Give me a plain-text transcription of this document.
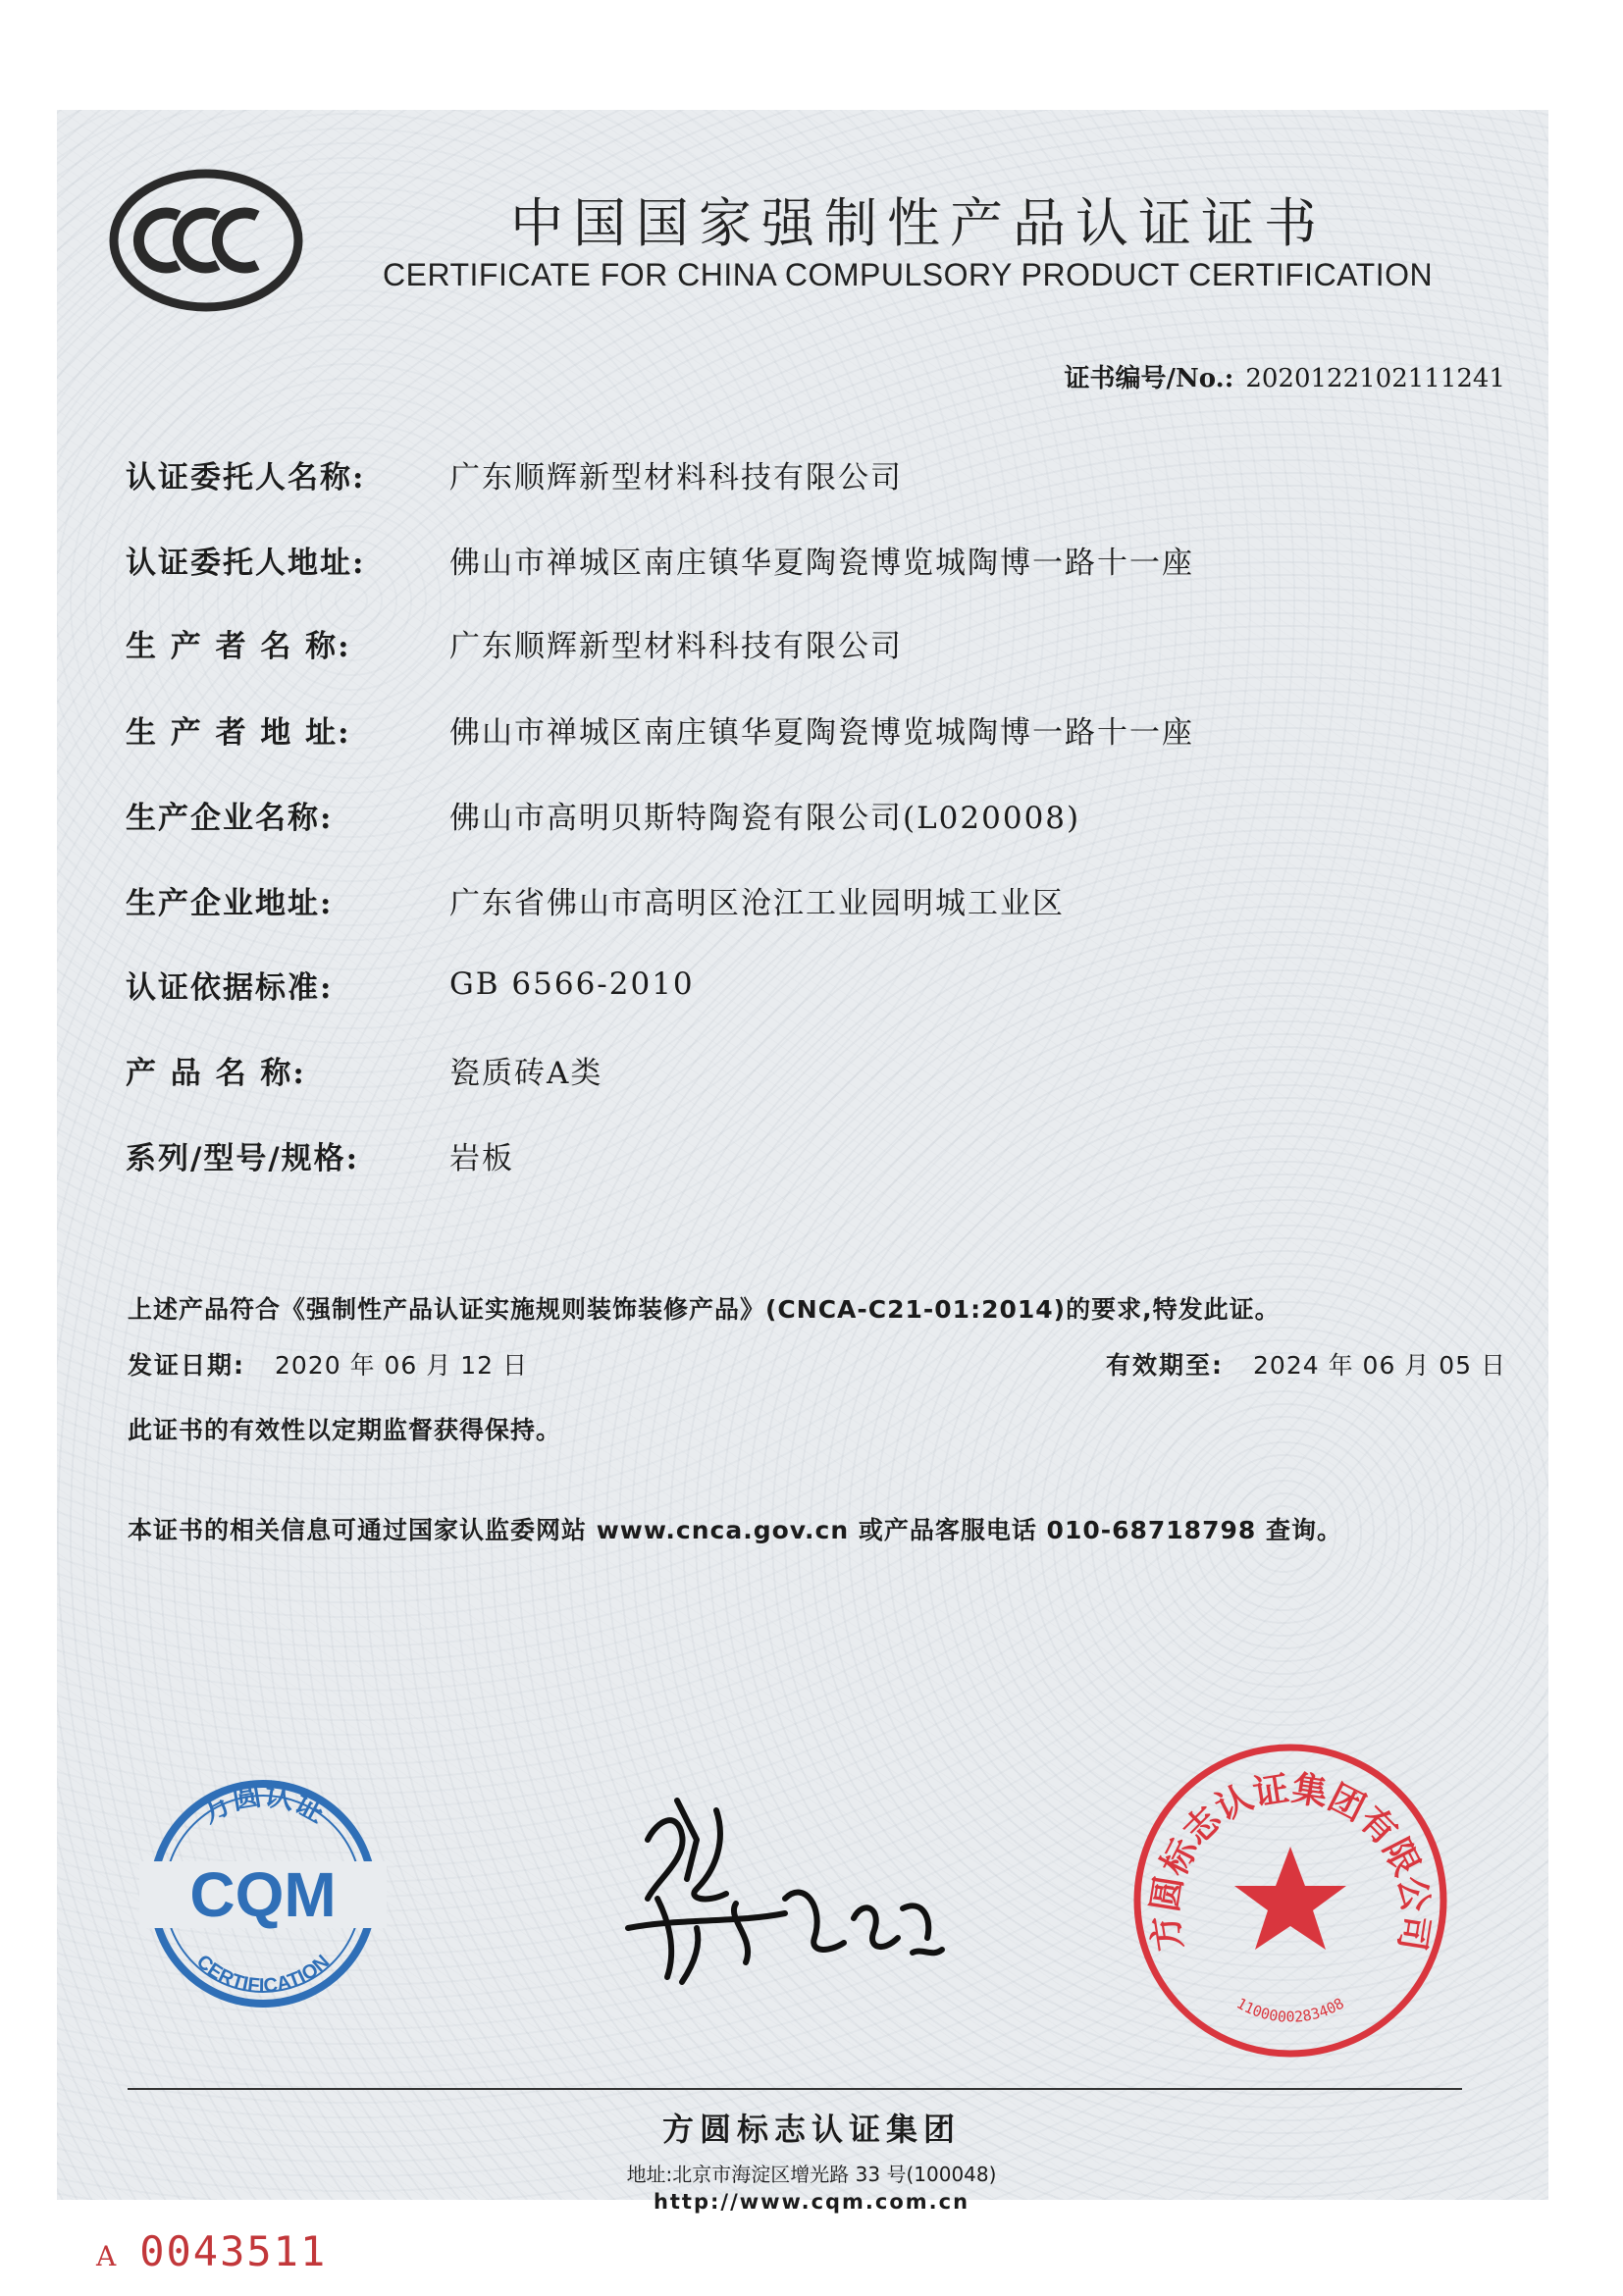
中国国家强制性产品认证证书
CERTIFICATE FOR CHINA COMPULSORY PRODUCT CERTIFICATION
证书编号/No.: 2020122102111241
认证委托人名称:	广东顺辉新型材料科技有限公司
认证委托人地址:	佛山市禅城区南庄镇华夏陶瓷博览城陶博一路十一座
生 产 者 名 称:	广东顺辉新型材料科技有限公司
生 产 者 地 址:	佛山市禅城区南庄镇华夏陶瓷博览城陶博一路十一座
生产企业名称:	佛山市高明贝斯特陶瓷有限公司(L020008)
生产企业地址:	广东省佛山市高明区沧江工业园明城工业区
认证依据标准:	GB 6566-2010
产 品 名 称:	瓷质砖A类
系列/型号/规格:	岩板
上述产品符合《强制性产品认证实施规则装饰装修产品》(CNCA-C21-01:2014)的要求,特发此证。
发证日期: 2020 年 06 月 12 日	有效期至: 2024 年 06 月 05 日
此证书的有效性以定期监督获得保持。
本证书的相关信息可通过国家认监委网站 www.cnca.gov.cn 或产品客服电话 010-68718798 查询。
方圆认证
CQM
CERTIFICATION
方圆标志认证集团有限公司
1100000283408
方圆标志认证集团
地址:北京市海淀区增光路 33 号(100048)
http://www.cqm.com.cn
A 0043511
